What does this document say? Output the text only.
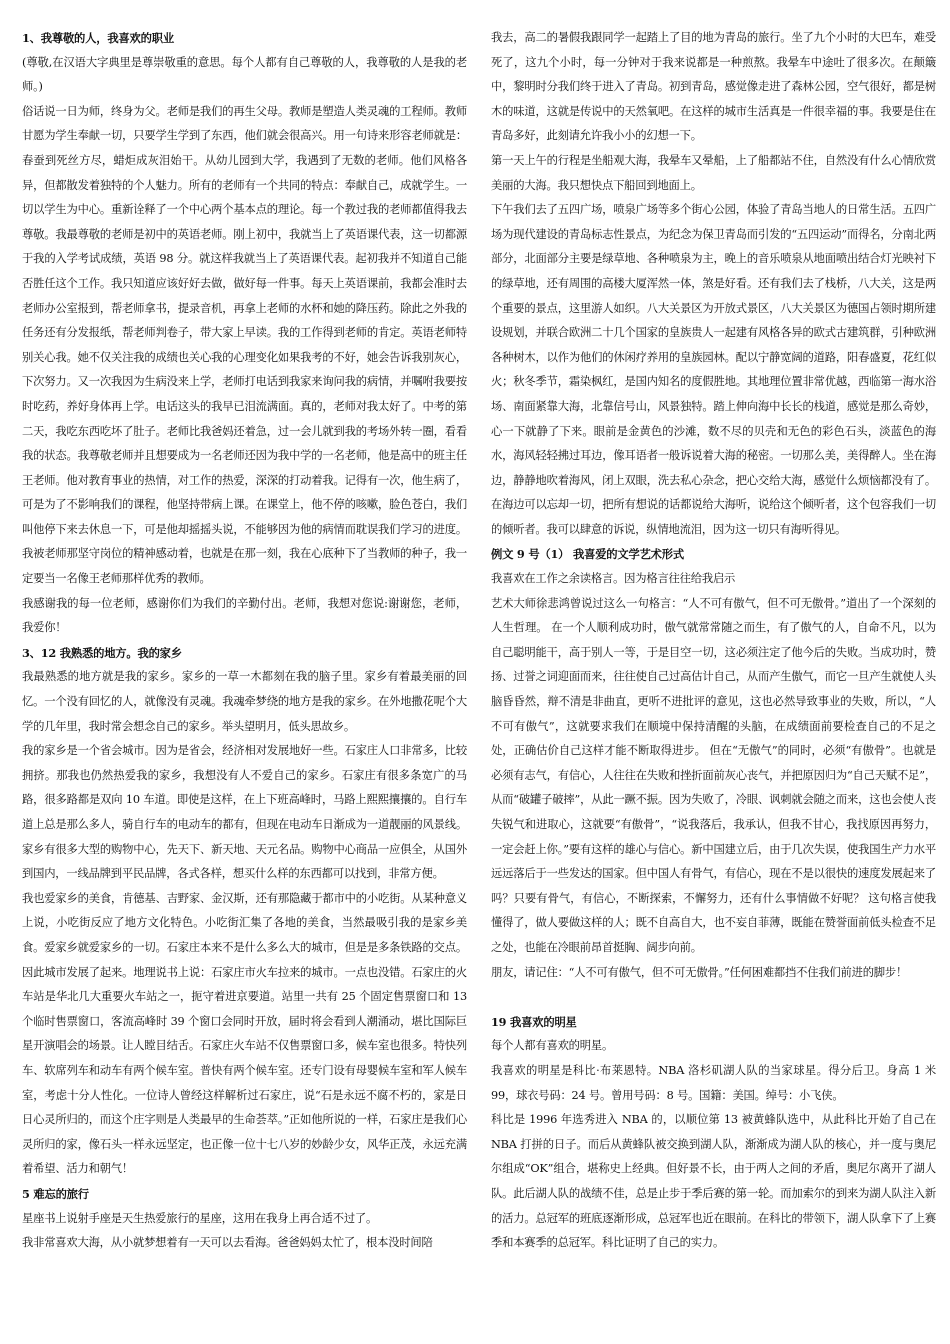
1、我尊敬的人，我喜欢的职业

(尊敬,在汉语大字典里是尊崇敬重的意思。每个人都有自己尊敬的人，我尊敬的人是我的老师。)

俗话说一日为师，终身为父。老师是我们的再生父母。教师是塑造人类灵魂的工程师。教师甘愿为学生奉献一切，只要学生学到了东西，他们就会很高兴。用一句诗来形容老师就是：春蚕到死丝方尽，蜡炬成灰泪始干。从幼儿园到大学，我遇到了无数的老师。他们风格各异，但都散发着独特的个人魅力。所有的老师有一个共同的特点：奉献自己，成就学生。一切以学生为中心。重新诠释了一个中心两个基本点的理论。每一个教过我的老师都值得我去尊敬。我最尊敬的老师是初中的英语老师。刚上初中，我就当上了英语课代表，这一切都源于我的入学考试成绩，英语 98 分。就这样我就当上了英语课代表。起初我并不知道自己能否胜任这个工作。我只知道应该好好去做，做好每一件事。每天上英语课前，我都会准时去老师办公室报到，帮老师拿书，提录音机，再拿上老师的水杯和她的降压药。除此之外我的任务还有分发报纸，帮老师判卷子，带大家上早读。我的工作得到老师的肯定。英语老师特别关心我。她不仅关注我的成绩也关心我的心理变化如果我考的不好，她会告诉我别灰心，下次努力。又一次我因为生病没来上学，老师打电话到我家来询问我的病情，并嘱咐我要按时吃药，养好身体再上学。电话这头的我早已泪流满面。真的，老师对我太好了。中考的第二天，我吃东西吃坏了肚子。老师比我爸妈还着急，过一会儿就到我的考场外转一圈，看看我的状态。我尊敬老师并且想要成为一名老师还因为我中学的一名老师，他是高中的班主任王老师。他对教育事业的热情，对工作的热爱，深深的打动着我。记得有一次，他生病了，可是为了不影响我们的课程，他坚持带病上课。在课堂上，他不停的咳嗽，脸色苍白，我们叫他停下来去休息一下，可是他却摇摇头说，不能够因为他的病情而耽误我们学习的进度。我被老师那坚守岗位的精神感动着，也就是在那一刻，我在心底种下了当教师的种子，我一定要当一名像王老师那样优秀的教师。

我感谢我的每一位老师，感谢你们为我们的辛勤付出。老师，我想对您说:谢谢您，老师，我爱你！

3、12 我熟悉的地方。我的家乡

我最熟悉的地方就是我的家乡。家乡的一草一木都刻在我的脑子里。家乡有着最美丽的回忆。一个没有回忆的人，就像没有灵魂。我魂牵梦绕的地方是我的家乡。在外地撒花呢个大学的几年里，我时常会想念自己的家乡。举头望明月，低头思故乡。

我的家乡是一个省会城市。因为是省会，经济相对发展地好一些。石家庄人口非常多，比较拥挤。那我也仍然热爱我的家乡，我想没有人不爱自己的家乡。石家庄有很多条宽广的马路，很多路都是双向 10 车道。即使是这样，在上下班高峰时，马路上熙熙攘攘的。自行车道上总是那么多人，骑自行车的电动车的都有，但现在电动车日渐成为一道靓丽的风景线。家乡有很多大型的购物中心，先天下、新天地、天元名品。购物中心商品一应俱全，从国外到国内，一线品牌到平民品牌，各式各样，想买什么样的东西都可以找到，非常方便。

我也爱家乡的美食，肯德基、吉野家、金汉斯，还有那隐藏于都市中的小吃街。从某种意义上说，小吃街反应了地方文化特色。小吃街汇集了各地的美食，当然最吸引我的是家乡美食。爱家乡就爱家乡的一切。石家庄本来不是什么多么大的城市，但是是多条铁路的交点。因此城市发展了起来。地理说书上说：石家庄市火车拉来的城市。一点也没错。石家庄的火车站是华北几大重要火车站之一，扼守着进京要道。站里一共有 25 个固定售票窗口和 13 个临时售票窗口，客流高峰时 39 个窗口会同时开放，届时将会看到人潮涌动，堪比国际巨星开演唱会的场景。让人瞠目结舌。石家庄火车站不仅售票窗口多，候车室也很多。特快列车、软席列车和动车有两个候车室。普快有两个候车室。还专门设有母婴候车室和军人候车室，考虑十分人性化。一位诗人曾经这样解析过石家庄，说“石是永远不腐不朽的，家是日日心灵所归的，而这个庄字则是人类最早的生命荟萃。”正如他所说的一样，石家庄是我们心灵所归的家，像石头一样永远坚定，也正像一位十七八岁的妙龄少女，风华正茂，永远充满着希望、活力和朝气！

5 难忘的旅行

星座书上说射手座是天生热爱旅行的星座，这用在我身上再合适不过了。

我非常喜欢大海，从小就梦想着有一天可以去看海。爸爸妈妈太忙了，根本没时间陪

我去，高二的暑假我跟同学一起踏上了目的地为青岛的旅行。坐了九个小时的大巴车，难受死了，这九个小时，每一分钟对于我来说都是一种煎熬。我晕车中途吐了很多次。在颠簸中，黎明时分我们终于进入了青岛。初到青岛，感觉像走进了森林公园，空气很好，都是树木的味道，这就是传说中的天然氧吧。在这样的城市生活真是一件很幸福的事。我要是住在青岛多好，此刻请允许我小小的幻想一下。

第一天上午的行程是坐船观大海，我晕车又晕船，上了船都站不住，自然没有什么心情欣赏美丽的大海。我只想快点下船回到地面上。

下午我们去了五四广场，喷泉广场等多个街心公园，体验了青岛当地人的日常生活。五四广场为现代建设的青岛标志性景点，为纪念为保卫青岛而引发的“五四运动”而得名，分南北两部分，北面部分主要是绿草地、各种喷泉为主，晚上的音乐喷泉从地面喷出结合灯光映衬下的绿草地，还有周围的高楼大厦浑然一体，煞是好看。还有我们去了栈桥，八大关，这是两个重要的景点，这里游人如织。八大关景区为开放式景区，八大关景区为德国占领时期所建设规划，并联合欧洲二十几个国家的皇族贵人一起建有风格各异的欧式古建筑群，引种欧洲各种树木，以作为他们的休闲疗养用的皇族园林。配以宁静宽阔的道路，阳春盛夏，花红似火；秋冬季节，霜染枫红，是国内知名的度假胜地。其地理位置非常优越，西临第一海水浴场、南面紧靠大海，北靠信号山，风景独特。踏上伸向海中长长的栈道，感觉是那么奇妙，心一下就静了下来。眼前是金黄色的沙滩，数不尽的贝壳和无色的彩色石头，淡蓝色的海水，海风轻轻拂过耳边，像耳语者一般诉说着大海的秘密。一切那么美，美得醉人。坐在海边，静静地吹着海风，闭上双眼，洗去私心杂念，把心交给大海，感觉什么烦恼都没有了。在海边可以忘却一切，把所有想说的话都说给大海听，说给这个倾听者，这个包容我们一切的倾听者。我可以肆意的诉说，纵情地流泪，因为这一切只有海听得见。

例文 9 号（1） 我喜爱的文学艺术形式

我喜欢在工作之余读格言。因为格言往往给我启示

艺术大师徐悲鸿曾说过这么一句格言：“人不可有傲气，但不可无傲骨。”道出了一个深刻的人生哲理。 在一个人顺利成功时，傲气就常常随之而生，有了傲气的人，自命不凡，以为自己聪明能干，高于别人一等，于是目空一切，这必须注定了他今后的失败。当成功时，赞扬、过誉之词迎面而来，往往使自己过高估计自己，从而产生傲气，而它一旦产生就使人头脑昏昏然，辩不清是非曲直，更听不进批评的意见，这也必然导致事业的失败，所以，“人不可有傲气”，这就要求我们在顺境中保持清醒的头脑，在成绩面前要检查自己的不足之处，正确估价自己这样才能不断取得进步。 但在“无傲气”的同时，必须“有傲骨”。也就是必须有志气，有信心，人往往在失败和挫折面前灰心丧气，并把原因归为“自己天赋不足”，从而“破罐子破摔”，从此一蹶不振。因为失败了，冷眼、讽刺就会随之而来，这也会使人丧失锐气和进取心，这就要“有傲骨”，“说我落后，我承认，但我不甘心，我找原因再努力，一定会赶上你。”要有这样的雄心与信心。新中国建立后，由于几次失误，使我国生产力水平远远落后于一些发达的国家。但中国人有骨气，有信心，现在不是以很快的速度发展起来了吗？只要有骨气，有信心，不断探索，不懈努力，还有什么事情做不好呢？ 这句格言使我懂得了，做人要做这样的人；既不自高自大，也不妄自菲薄，既能在赞誉面前低头检查不足之处，也能在冷眼前昂首挺胸、阔步向前。

朋友，请记住：“人不可有傲气，但不可无傲骨。”任何困难都挡不住我们前进的脚步！

19 我喜欢的明星

每个人都有喜欢的明星。

我喜欢的明星是科比·布莱恩特。NBA 洛杉矶湖人队的当家球星。得分后卫。身高 1 米 99，球衣号码：24 号。曾用号码：8 号。国籍：美国。绰号：小飞侠。

科比是 1996 年选秀进入 NBA 的，以顺位第 13 被黄蜂队选中，从此科比开始了自己在 NBA 打拼的日子。而后从黄蜂队被交换到湖人队，渐渐成为湖人队的核心，并一度与奥尼尔组成“OK”组合，堪称史上经典。但好景不长，由于两人之间的矛盾，奥尼尔离开了湖人队。此后湖人队的战绩不佳，总是止步于季后赛的第一轮。而加索尔的到来为湖人队注入新的活力。总冠军的班底逐渐形成，总冠军也近在眼前。在科比的带领下，湖人队拿下了上赛季和本赛季的总冠军。科比证明了自己的实力。
